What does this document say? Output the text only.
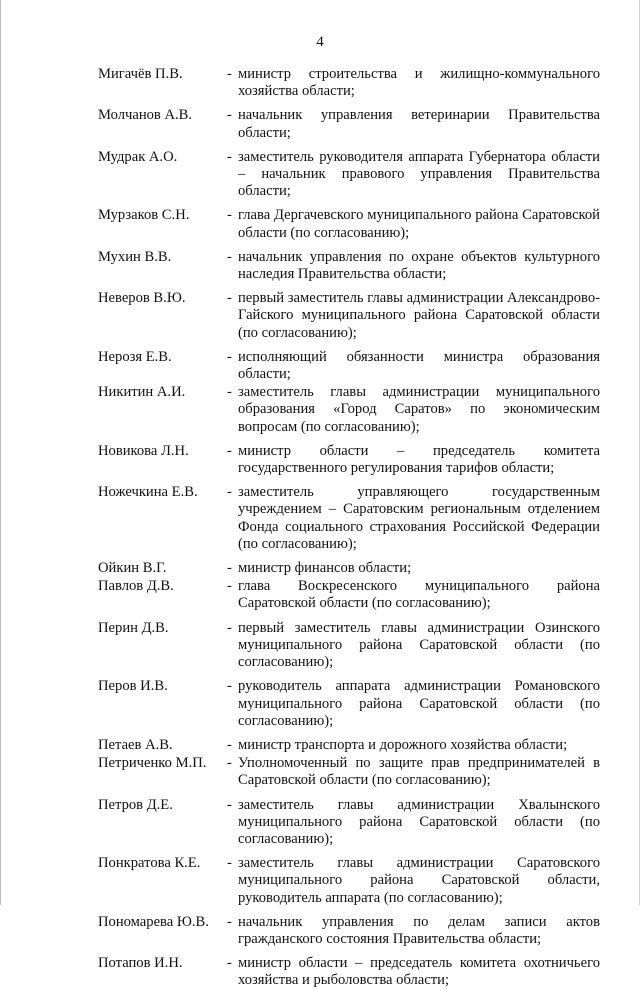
4
Мигачёв П.В.	- министр строительства и жилищно-коммунального хозяйства области;
Молчанов А.В.	- начальник управления ветеринарии Правительства области;
Мудрак А.О.	- заместитель руководителя аппарата Губернатора области – начальник правового управления Правительства области;
Мурзаков С.Н.	- глава Дергачевского муниципального района Саратовской области (по согласованию);
Мухин В.В.	- начальник управления по охране объектов культурного наследия Правительства области;
Неверов В.Ю.	- первый заместитель главы администрации Александрово-Гайского муниципального района Саратовской области (по согласованию);
Нерозя Е.В.	- исполняющий обязанности министра образования области;
Никитин А.И.	- заместитель главы администрации муниципального образования «Город Саратов» по экономическим вопросам (по согласованию);
Новикова Л.Н.	- министр области – председатель комитета государственного регулирования тарифов области;
Ножечкина Е.В.	- заместитель управляющего государственным учреждением – Саратовским региональным отделением Фонда социального страхования Российской Федерации (по согласованию);
Ойкин В.Г.	- министр финансов области;
Павлов Д.В.	- глава Воскресенского муниципального района Саратовской области (по согласованию);
Перин Д.В.	- первый заместитель главы администрации Озинского муниципального района Саратовской области (по согласованию);
Перов И.В.	- руководитель аппарата администрации Романовского муниципального района Саратовской области (по согласованию);
Петаев А.В.	- министр транспорта и дорожного хозяйства области;
Петриченко М.П.	- Уполномоченный по защите прав предпринимателей в Саратовской области (по согласованию);
Петров Д.Е.	- заместитель главы администрации Хвалынского муниципального района Саратовской области (по согласованию);
Понкратова К.Е.	- заместитель главы администрации Саратовского муниципального района Саратовской области, руководитель аппарата (по согласованию);
Пономарева Ю.В.	- начальник управления по делам записи актов гражданского состояния Правительства области;
Потапов И.Н.	- министр области – председатель комитета охотничьего хозяйства и рыболовства области;
